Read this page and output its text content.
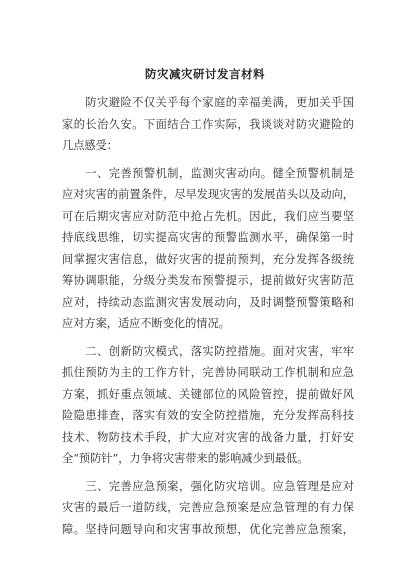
防灾减灾研讨发言材料
　　防灾避险不仅关乎每个家庭的幸福美满，更加关乎国
家的长治久安。下面结合工作实际，我谈谈对防灾避险的
几点感受：
　　一、完善预警机制，监测灾害动向。健全预警机制是
应对灾害的前置条件，尽早发现灾害的发展苗头以及动向，
可在后期灾害应对防范中抢占先机。因此，我们应当要坚
持底线思维，切实提高灾害的预警监测水平，确保第一时
间掌握灾害信息，做好灾害的提前预判，充分发挥各级统
筹协调职能，分级分类发布预警提示，提前做好灾害防范
应对，持续动态监测灾害发展动向，及时调整预警策略和
应对方案，适应不断变化的情况。
　　二、创新防灾模式，落实防控措施。面对灾害，牢牢
抓住预防为主的工作方针，完善协同联动工作机制和应急
方案，抓好重点领域、关键部位的风险管控，提前做好风
险隐患排查，落实有效的安全防控措施，充分发挥高科技
技术、物防技术手段，扩大应对灾害的战备力量，打好安
全“预防针”，力争将灾害带来的影响减少到最低。
　　三、完善应急预案，强化防灾培训。应急管理是应对
灾害的最后一道防线，完善应急预案是应急管理的有力保
障。坚持问题导向和灾害事故预想，优化完善应急预案，
